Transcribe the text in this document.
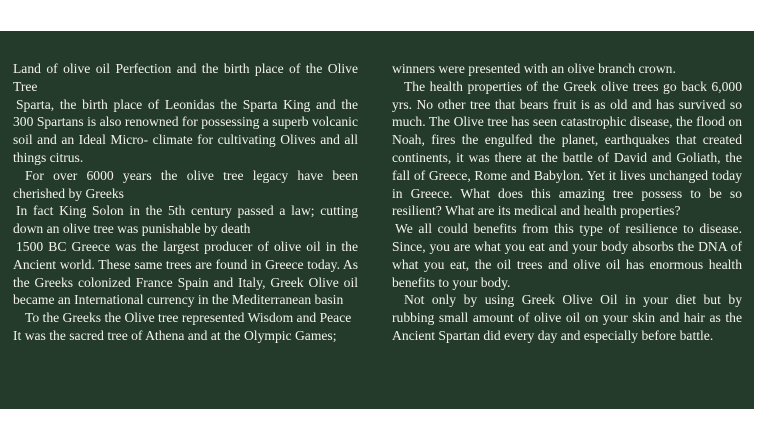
Land of olive oil Perfection and the birth place of the Olive Tree

Sparta, the birth place of Leonidas the Sparta King and the 300 Spartans is also renowned for possessing a superb volcanic soil and an Ideal Micro- climate for cultivating Olives and all things citrus.

For over 6000 years the olive tree legacy have been cherished by Greeks

In fact King Solon in the 5th century passed a law; cutting down an olive tree was punishable by death

1500 BC Greece was the largest producer of olive oil in the Ancient world. These same trees are found in Greece today. As the Greeks colonized France Spain and Italy, Greek Olive oil became an International currency in the Mediterranean basin

To the Greeks the Olive tree represented Wisdom and Peace

It was the sacred tree of Athena and at the Olympic Games;

winners were presented with an olive branch crown.

The health properties of the Greek olive trees go back 6,000 yrs. No other tree that bears fruit is as old and has survived so much. The Olive tree has seen catastrophic disease, the flood on Noah, fires the engulfed the planet, earthquakes that created continents, it was there at the battle of David and Goliath, the fall of Greece, Rome and Babylon. Yet it lives unchanged today in Greece. What does this amazing tree possess to be so resilient? What are its medical and health properties?

We all could benefits from this type of resilience to disease. Since, you are what you eat and your body absorbs the DNA of what you eat, the oil trees and olive oil has enormous health benefits to your body.

Not only by using Greek Olive Oil in your diet but by rubbing small amount of olive oil on your skin and hair as the Ancient Spartan did every day and especially before battle.
